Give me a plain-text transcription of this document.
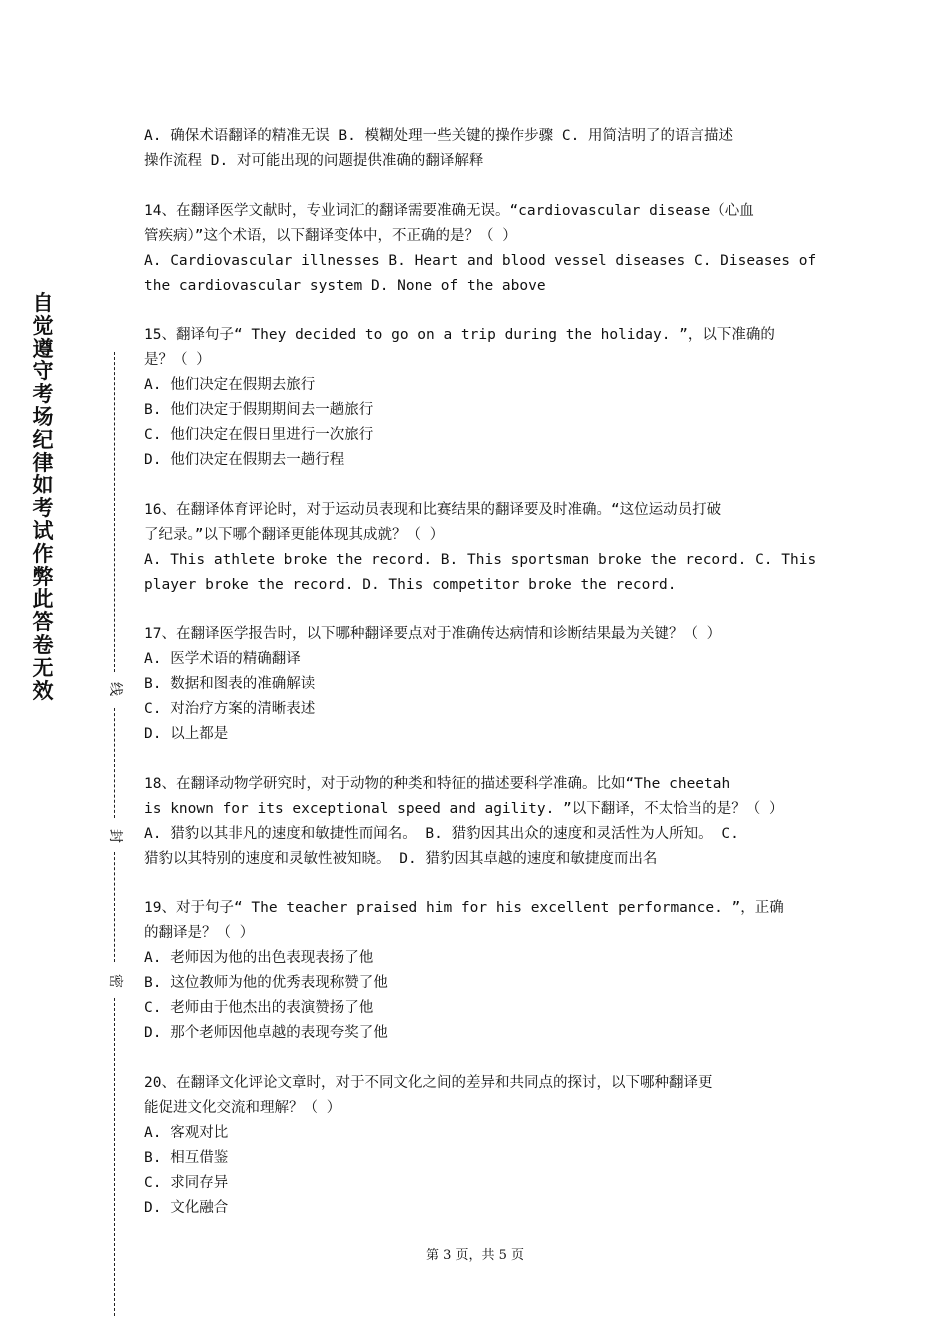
自觉遵守考场纪律如考试作弊此答卷无效	线
封
密
A. 确保术语翻译的精准无误 B. 模糊处理一些关键的操作步骤 C. 用简洁明了的语言描述
操作流程 D. 对可能出现的问题提供准确的翻译解释
14、在翻译医学文献时，专业词汇的翻译需要准确无误。“cardiovascular disease（心血
管疾病）”这个术语，以下翻译变体中，不正确的是？（ ）
A. Cardiovascular illnesses B. Heart and blood vessel diseases C. Diseases of
the cardiovascular system D. None of the above
15、翻译句子“ They decided to go on a trip during the holiday. ”，以下准确的
是？（ ）
A. 他们决定在假期去旅行
B. 他们决定于假期期间去一趟旅行
C. 他们决定在假日里进行一次旅行
D. 他们决定在假期去一趟行程
16、在翻译体育评论时，对于运动员表现和比赛结果的翻译要及时准确。“这位运动员打破
了纪录。”以下哪个翻译更能体现其成就？（ ）
A. This athlete broke the record. B. This sportsman broke the record. C. This
player broke the record. D. This competitor broke the record.
17、在翻译医学报告时，以下哪种翻译要点对于准确传达病情和诊断结果最为关键？（ ）
A. 医学术语的精确翻译
B. 数据和图表的准确解读
C. 对治疗方案的清晰表述
D. 以上都是
18、在翻译动物学研究时，对于动物的种类和特征的描述要科学准确。比如“The cheetah
is known for its exceptional speed and agility. ”以下翻译，不太恰当的是？（ ）
A. 猎豹以其非凡的速度和敏捷性而闻名。 B. 猎豹因其出众的速度和灵活性为人所知。 C.
猎豹以其特别的速度和灵敏性被知晓。 D. 猎豹因其卓越的速度和敏捷度而出名
19、对于句子“ The teacher praised him for his excellent performance. ”，正确
的翻译是？（ ）
A. 老师因为他的出色表现表扬了他
B. 这位教师为他的优秀表现称赞了他
C. 老师由于他杰出的表演赞扬了他
D. 那个老师因他卓越的表现夸奖了他
20、在翻译文化评论文章时，对于不同文化之间的差异和共同点的探讨，以下哪种翻译更
能促进文化交流和理解？（ ）
A. 客观对比
B. 相互借鉴
C. 求同存异
D. 文化融合
第 3 页，共 5 页
